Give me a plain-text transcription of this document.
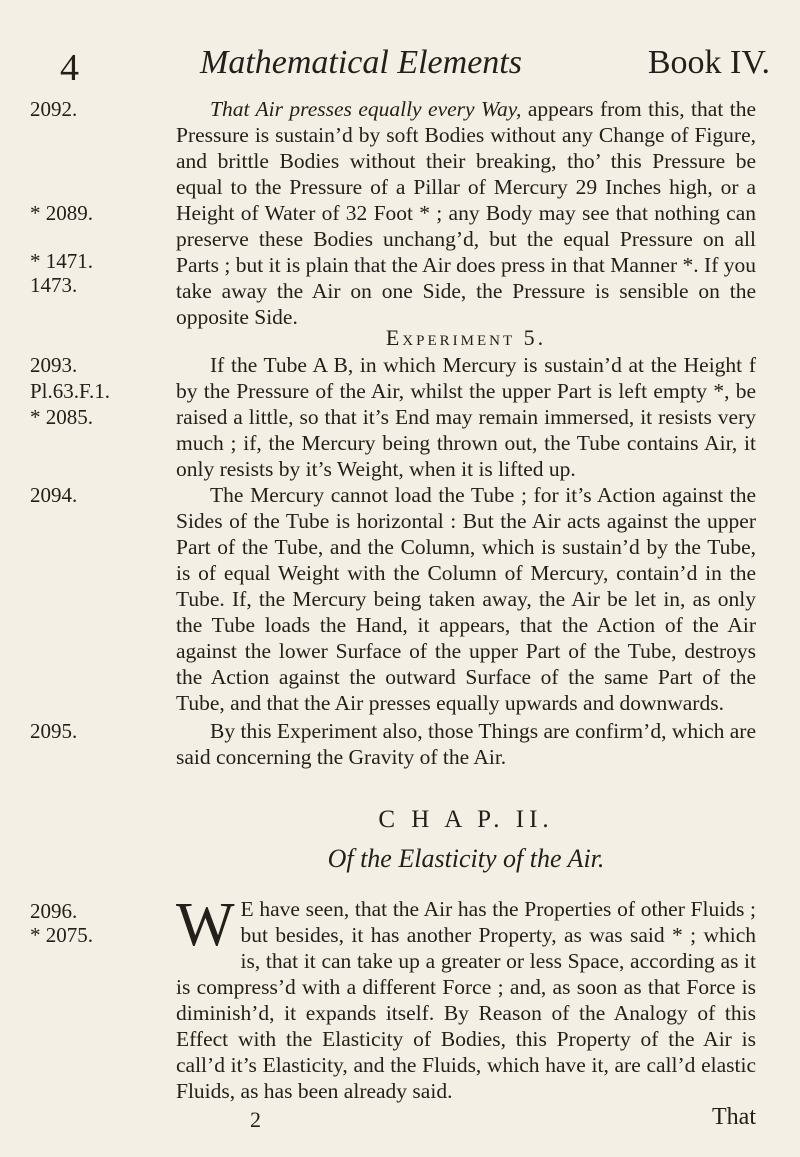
4	Mathematical Elements	Book IV.
2092.
* 2089.
* 1471.
1473.
2093.
Pl.63.F.1.
* 2085.
2094.
2095.
2096.
* 2075.

That Air presses equally every Way, appears from this, that the Pressure is sustain’d by soft Bodies without any Change of Figure, and brittle Bodies without their breaking, tho’ this Pressure be equal to the Pressure of a Pillar of Mercury 29 Inches high, or a Height of Water of 32 Foot * ; any Body may see that nothing can preserve these Bodies unchang’d, but the equal Pressure on all Parts ; but it is plain that the Air does press in that Manner *. If you take away the Air on one Side, the Pressure is sensible on the opposite Side.

Experiment 5.

If the Tube A B, in which Mercury is sustain’d at the Height f by the Pressure of the Air, whilst the upper Part is left empty *, be raised a little, so that it’s End may remain immersed, it resists very much ; if, the Mercury being thrown out, the Tube contains Air, it only resists by it’s Weight, when it is lifted up.

The Mercury cannot load the Tube ; for it’s Action against the Sides of the Tube is horizontal : But the Air acts against the upper Part of the Tube, and the Column, which is sustain’d by the Tube, is of equal Weight with the Column of Mercury, contain’d in the Tube. If, the Mercury being taken away, the Air be let in, as only the Tube loads the Hand, it appears, that the Action of the Air against the lower Surface of the upper Part of the Tube, destroys the Action against the outward Surface of the same Part of the Tube, and that the Air presses equally upwards and downwards.

By this Experiment also, those Things are confirm’d, which are said concerning the Gravity of the Air.

C H A P. II.
Of the Elasticity of the Air.

W E have seen, that the Air has the Properties of other Fluids ; but besides, it has another Property, as was said * ; which is, that it can take up a greater or less Space, according as it is compress’d with a different Force ; and, as soon as that Force is diminish’d, it expands itself. By Reason of the Analogy of this Effect with the Elasticity of Bodies, this Property of the Air is call’d it’s Elasticity, and the Fluids, which have it, are call’d elastic Fluids, as has been already said.

2	That
